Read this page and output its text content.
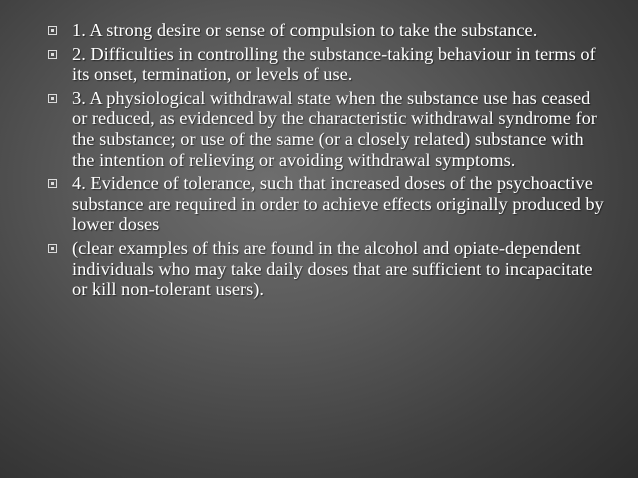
1. A strong desire or sense of compulsion to take the substance.
2. Difficulties in controlling the substance-taking behaviour in terms of its onset, termination, or levels of use.
3. A physiological withdrawal state when the substance use has ceased or reduced, as evidenced by the characteristic withdrawal syndrome for the substance; or use of the same (or a closely related) substance with the intention of relieving or avoiding withdrawal symptoms.
4. Evidence of tolerance, such that increased doses of the psychoactive substance are required in order to achieve effects originally produced by lower doses
(clear examples of this are found in the alcohol and opiate-dependent individuals who may take daily doses that are sufficient to incapacitate or kill non-tolerant users).
